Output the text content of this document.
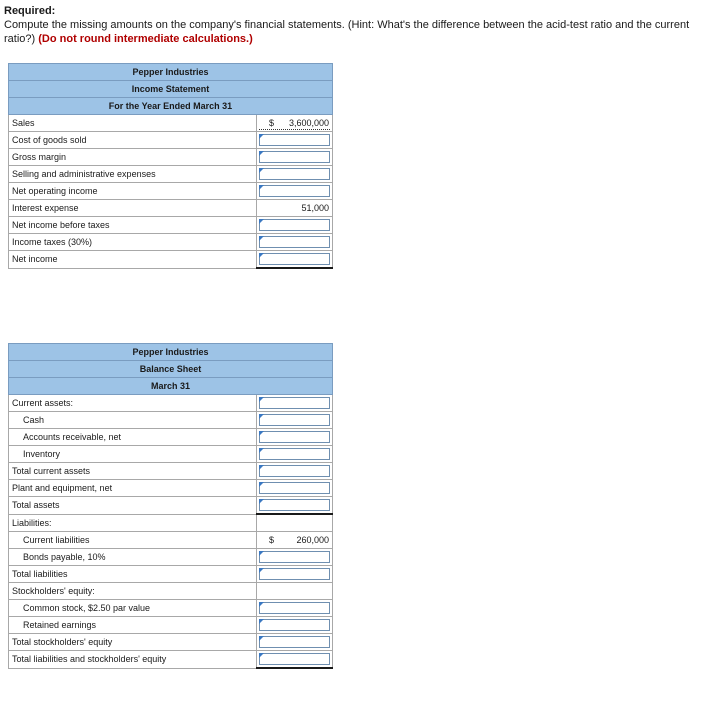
Required:
Compute the missing amounts on the company's financial statements. (Hint: What's the difference between the acid-test ratio and the current ratio?) (Do not round intermediate calculations.)
Pepper Industries	
Income Statement	
For the Year Ended March 31	
Sales	$ 3,600,000

Cost of goods sold	

Gross margin	

Selling and administrative expenses	

Net operating income	

Interest expense	51,000

Net income before taxes	

Income taxes (30%)	

Net income	
Pepper Industries	
Balance Sheet	
March 31	
Current assets:	

Cash	

Accounts receivable, net	

Inventory	

Total current assets	

Plant and equipment, net	

Total assets	

Liabilities:	
Current liabilities	$ 260,000

Bonds payable, 10%	

Total liabilities	

Stockholders' equity:	
Common stock, $2.50 par value	

Retained earnings	

Total stockholders' equity	

Total liabilities and stockholders' equity	
